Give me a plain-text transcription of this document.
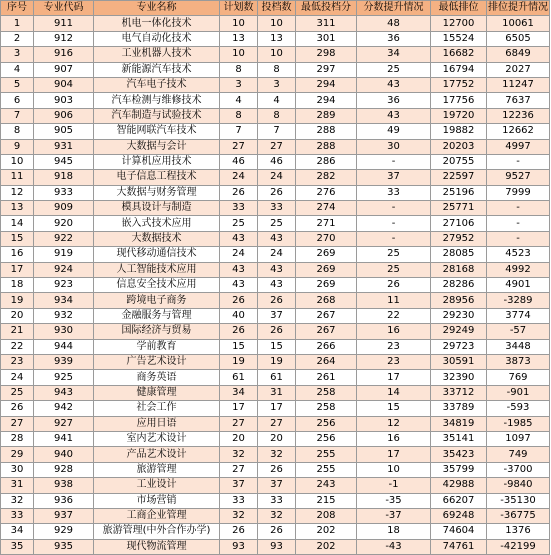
序号	专业代码	专业名称	计划数	投档数	最低投档分	分数提升情况	最低排位	排位提升情况
1	911	机电一体化技术	10	10	311	48	12700	10061
2	912	电气自动化技术	13	13	301	36	15524	6505
3	916	工业机器人技术	10	10	298	34	16682	6849
4	907	新能源汽车技术	8	8	297	25	16794	2027
5	904	汽车电子技术	3	3	294	43	17752	11247
6	903	汽车检测与维修技术	4	4	294	36	17756	7637
7	906	汽车制造与试验技术	8	8	289	43	19720	12236
8	905	智能网联汽车技术	7	7	288	49	19882	12662
9	931	大数据与会计	27	27	288	30	20203	4997
10	945	计算机应用技术	46	46	286	-	20755	-
11	918	电子信息工程技术	24	24	282	37	22597	9527
12	933	大数据与财务管理	26	26	276	33	25196	7999
13	909	模具设计与制造	33	33	274	-	25771	-
14	920	嵌入式技术应用	25	25	271	-	27106	-
15	922	大数据技术	43	43	270	-	27952	-
16	919	现代移动通信技术	24	24	269	25	28085	4523
17	924	人工智能技术应用	43	43	269	25	28168	4992
18	923	信息安全技术应用	43	43	269	26	28286	4901
19	934	跨境电子商务	26	26	268	11	28956	-3289
20	932	金融服务与管理	40	37	267	22	29230	3774
21	930	国际经济与贸易	26	26	267	16	29249	-57
22	944	学前教育	15	15	266	23	29723	3448
23	939	广告艺术设计	19	19	264	23	30591	3873
24	925	商务英语	61	61	261	17	32390	769
25	943	健康管理	34	31	258	14	33712	-901
26	942	社会工作	17	17	258	15	33789	-593
27	927	应用日语	27	27	256	12	34819	-1985
28	941	室内艺术设计	20	20	256	16	35141	1097
29	940	产品艺术设计	32	32	255	17	35423	749
30	928	旅游管理	27	26	255	10	35799	-3700
31	938	工业设计	37	37	243	-1	42988	-9840
32	936	市场营销	33	33	215	-35	66207	-35130
33	937	工商企业管理	32	32	208	-37	69248	-36775
34	929	旅游管理(中外合作办学)	26	26	202	18	74604	1376
35	935	现代物流管理	93	93	202	-43	74761	-42199
